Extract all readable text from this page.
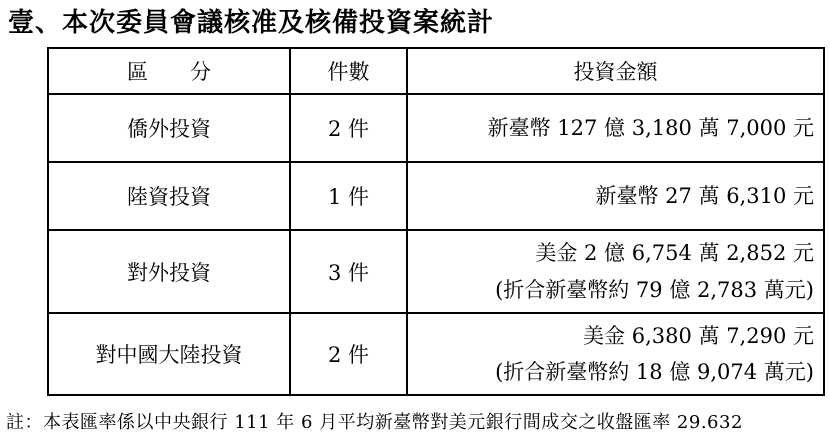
壹、本次委員會議核准及核備投資案統計
區　　分	件數	投資金額
僑外投資	2 件	新臺幣 127 億 3,180 萬 7,000 元

陸資投資	1 件	新臺幣 27 萬 6,310 元

對外投資	3 件	美金 2 億 6,754 萬 2,852 元
(折合新臺幣約 79 億 2,783 萬元)

對中國大陸投資	2 件	美金 6,380 萬 7,290 元
(折合新臺幣約 18 億 9,074 萬元)
註：本表匯率係以中央銀行 111 年 6 月平均新臺幣對美元銀行間成交之收盤匯率 29.632
